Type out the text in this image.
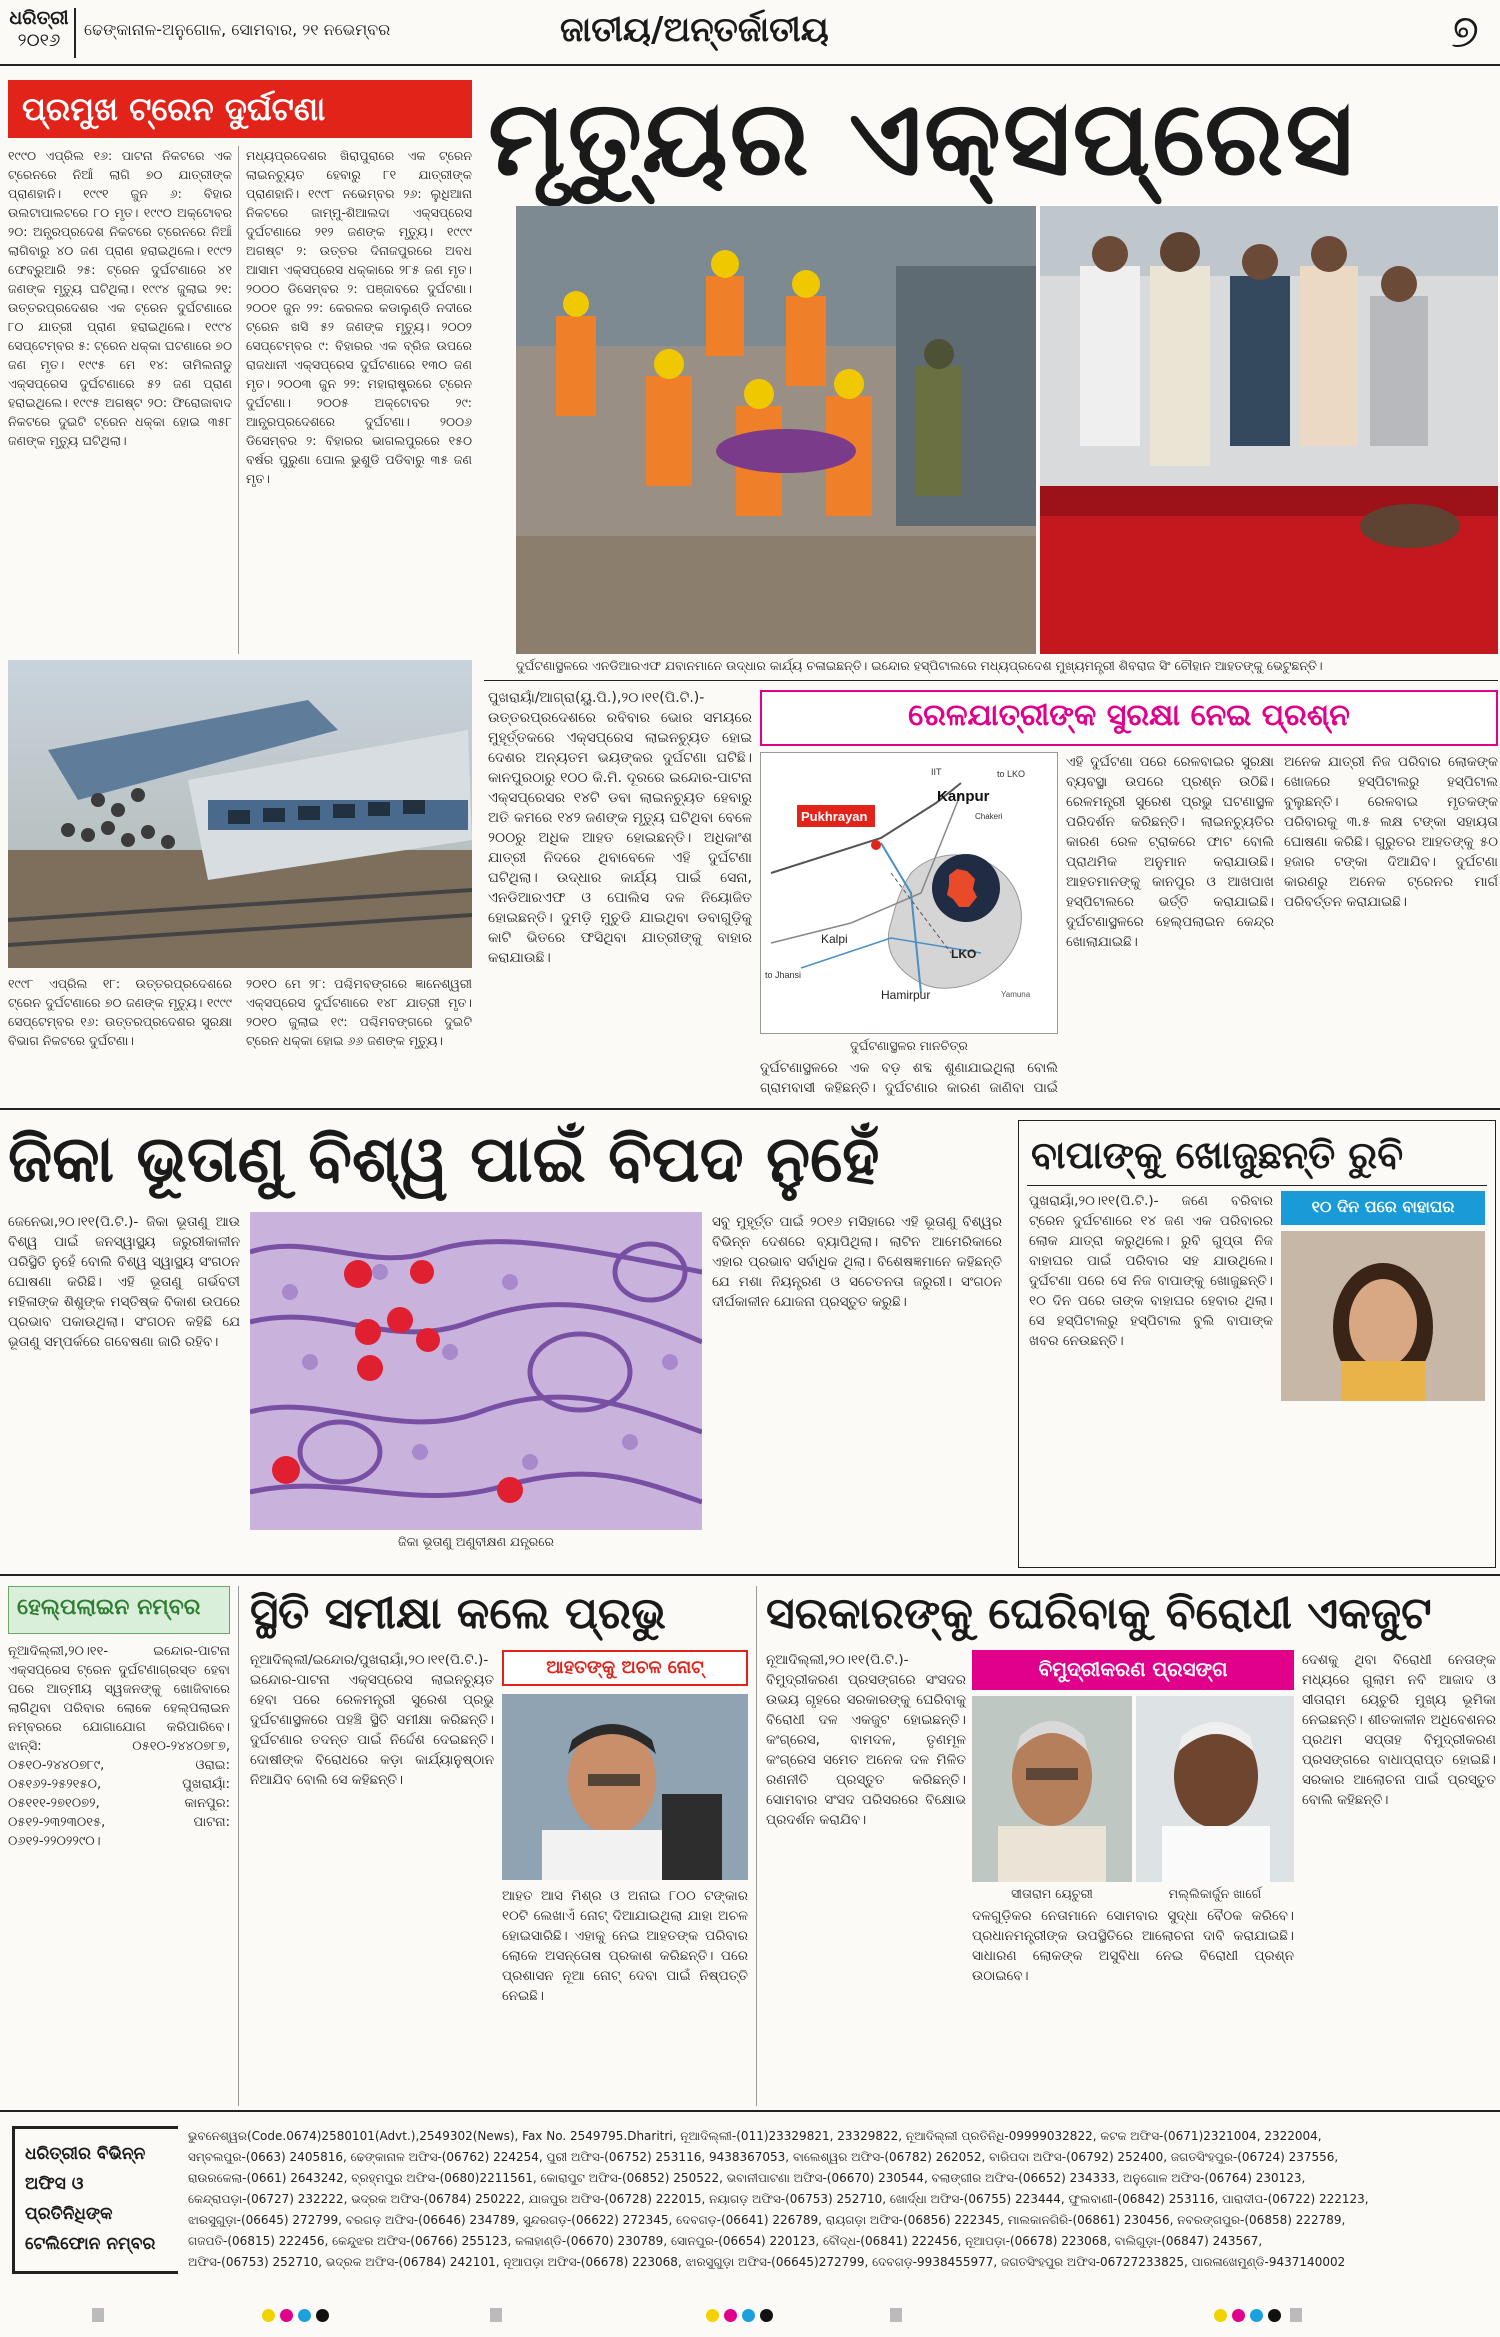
ଧରିତ୍ରୀ
୨୦୧୬
ଢେଙ୍କାନାଳ-ଅନୁଗୋଳ, ସୋମବାର, ୨୧ ନଭେମ୍ବର	ଜାତୀୟ/ଅନ୍ତର୍ଜାତୀୟ	୭
ପ୍ରମୁଖ ଟ୍ରେନ ଦୁର୍ଘଟଣା

୧୯୯୦ ଏପ୍ରିଲ ୧୬: ପାଟନା ନିକଟରେ ଏକ ଟ୍ରେନରେ ନିଆଁ ଲାଗି ୭୦ ଯାତ୍ରୀଙ୍କ ପ୍ରାଣହାନି। ୧୯୯୧ ଜୁନ ୬: ବିହାର ଉଲଟାପାଲଟରେ ୮୦ ମୃତ। ୧୯୯୦ ଅକ୍ଟୋବର ୨୦: ଅନ୍ଧ୍ରପ୍ରଦେଶ ନିକଟରେ ଟ୍ରେନରେ ନିଆଁ ଲାଗିବାରୁ ୪୦ ଜଣ ପ୍ରାଣ ହରାଇଥିଲେ। ୧୯୯୨ ଫେବ୍ରୁଆରି ୨୫: ଟ୍ରେନ ଦୁର୍ଘଟଣାରେ ୪୧ ଜଣଙ୍କ ମୃତ୍ୟୁ ଘଟିଥିଲା। ୧୯୯୪ ଜୁଲାଇ ୨୧: ଉତ୍ତରପ୍ରଦେଶର ଏକ ଟ୍ରେନ ଦୁର୍ଘଟଣାରେ ୮୦ ଯାତ୍ରୀ ପ୍ରାଣ ହରାଇଥିଲେ। ୧୯୯୪ ସେପ୍ଟେମ୍ବର ୫: ଟ୍ରେନ ଧକ୍କା ଘଟଣାରେ ୭୦ ଜଣ ମୃତ। ୧୯୯୫ ମେ ୧୪: ତାମିଲନାଡୁ ଏକ୍ସପ୍ରେସ ଦୁର୍ଘଟଣାରେ ୫୨ ଜଣ ପ୍ରାଣ ହରାଇଥିଲେ। ୧୯୯୫ ଅଗଷ୍ଟ ୨୦: ଫିରୋଜାବାଦ ନିକଟରେ ଦୁଇଟି ଟ୍ରେନ ଧକ୍କା ହୋଇ ୩୫୮ ଜଣଙ୍କ ମୃତ୍ୟୁ ଘଟିଥିଲା।

ମଧ୍ୟପ୍ରଦେଶର ଖିରାପୁରାରେ ଏକ ଟ୍ରେନ ଲାଇନଚ୍ୟୁତ ହେବାରୁ ୮୧ ଯାତ୍ରୀଙ୍କ ପ୍ରାଣହାନି। ୧୯୯୮ ନଭେମ୍ବର ୨୬: ଲୁଧିଆନା ନିକଟରେ ଜାମ୍ମୁ-ଶିଆଲଦା ଏକ୍ସପ୍ରେସ ଦୁର୍ଘଟଣାରେ ୨୧୨ ଜଣଙ୍କ ମୃତ୍ୟୁ। ୧୯୯୯ ଅଗଷ୍ଟ ୨: ଉତ୍ତର ଦିନାଜପୁରରେ ଅବଧ ଆସାମ ଏକ୍ସପ୍ରେସ ଧକ୍କାରେ ୨୮୫ ଜଣ ମୃତ। ୨୦୦୦ ଡିସେମ୍ବର ୨: ପଞ୍ଜାବରେ ଦୁର୍ଘଟଣା। ୨୦୦୧ ଜୁନ ୨୨: କେରଳର କଡାଲୁଣ୍ଡି ନଦୀରେ ଟ୍ରେନ ଖସି ୫୨ ଜଣଙ୍କ ମୃତ୍ୟୁ। ୨୦୦୨ ସେପ୍ଟେମ୍ବର ୯: ବିହାରର ଏକ ବ୍ରିଜ ଉପରେ ରାଜଧାନୀ ଏକ୍ସପ୍ରେସ ଦୁର୍ଘଟଣାରେ ୧୩୦ ଜଣ ମୃତ। ୨୦୦୩ ଜୁନ ୨୨: ମହାରାଷ୍ଟ୍ରରେ ଟ୍ରେନ ଦୁର୍ଘଟଣା। ୨୦୦୫ ଅକ୍ଟୋବର ୨୯: ଆନ୍ଧ୍ରପ୍ରଦେଶରେ ଦୁର୍ଘଟଣା। ୨୦୦୬ ଡିସେମ୍ବର ୨: ବିହାରର ଭାଗଲପୁରରେ ୧୫୦ ବର୍ଷର ପୁରୁଣା ପୋଲ ଭୁଶୁଡି ପଡିବାରୁ ୩୫ ଜଣ ମୃତ।

୧୯୯୮ ଏପ୍ରିଲ ୧୮: ଉତ୍ତରପ୍ରଦେଶରେ ଟ୍ରେନ ଦୁର୍ଘଟଣାରେ ୭୦ ଜଣଙ୍କ ମୃତ୍ୟୁ। ୧୯୯୯ ସେପ୍ଟେମ୍ବର ୧୬: ଉତ୍ତରପ୍ରଦେଶର ସୁରକ୍ଷା ବିଭାଗ ନିକଟରେ ଦୁର୍ଘଟଣା।

୨୦୧୦ ମେ ୨୮: ପଶ୍ଚିମବଙ୍ଗରେ ଜ୍ଞାନେଶ୍ୱରୀ ଏକ୍ସପ୍ରେସ ଦୁର୍ଘଟଣାରେ ୧୪୮ ଯାତ୍ରୀ ମୃତ। ୨୦୧୦ ଜୁଲାଇ ୧୯: ପଶ୍ଚିମବଙ୍ଗରେ ଦୁଇଟି ଟ୍ରେନ ଧକ୍କା ହୋଇ ୬୬ ଜଣଙ୍କ ମୃତ୍ୟୁ।

ମୃତ୍ୟୁର ଏକ୍ସପ୍ରେସ
ଦୁର୍ଘଟଣାସ୍ଥଳରେ ଏନଡିଆରଏଫ ଯବାନମାନେ ଉଦ୍ଧାର କାର୍ଯ୍ୟ ଚଳାଇଛନ୍ତି। ଇନ୍ଦୋର ହସ୍ପିଟାଲରେ ମଧ୍ୟପ୍ରଦେଶ ମୁଖ୍ୟମନ୍ତ୍ରୀ ଶିବରାଜ ସିଂ ଚୌହାନ ଆହତଙ୍କୁ ଭେଟୁଛନ୍ତି।

ପୁଖରାୟାଁ/ଆଗ୍ରା(ୟୁ.ପି.),୨୦।୧୧(ପି.ଟି.)- ଉତ୍ତରପ୍ରଦେଶରେ ରବିବାର ଭୋର ସମୟରେ ମୁହୂର୍ତ୍ତକରେ ଏକ୍ସପ୍ରେସ ଲାଇନଚ୍ୟୁତ ହୋଇ ଦେଶର ଅନ୍ୟତମ ଭୟଙ୍କର ଦୁର୍ଘଟଣା ଘଟିଛି। କାନପୁରଠାରୁ ୧୦୦ କି.ମି. ଦୂରରେ ଇନ୍ଦୋର-ପାଟନା ଏକ୍ସପ୍ରେସର ୧୪ଟି ଡବା ଲାଇନଚ୍ୟୁତ ହେବାରୁ ଅତି କମରେ ୧୪୨ ଜଣଙ୍କ ମୃତ୍ୟୁ ଘଟିଥିବା ବେଳେ ୨୦୦ରୁ ଅଧିକ ଆହତ ହୋଇଛନ୍ତି। ଅଧିକାଂଶ ଯାତ୍ରୀ ନିଦରେ ଥିବାବେଳେ ଏହି ଦୁର୍ଘଟଣା ଘଟିଥିଲା। ଉଦ୍ଧାର କାର୍ଯ୍ୟ ପାଇଁ ସେନା, ଏନଡିଆରଏଫ ଓ ପୋଲିସ ଦଳ ନିୟୋଜିତ ହୋଇଛନ୍ତି। ଦୁମଡ଼ି ମୁଚୁଡି ଯାଇଥିବା ଡବାଗୁଡ଼ିକୁ କାଟି ଭିତରେ ଫସିଥିବା ଯାତ୍ରୀଙ୍କୁ ବାହାର କରାଯାଉଛି।

ରେଳଯାତ୍ରୀଙ୍କ ସୁରକ୍ଷା ନେଇ ପ୍ରଶ୍ନ
Pukhrayan
Kanpur
IIT	to LKO
Chakeri
Kalpi
LKO
to Jhansi
Hamirpur	Yamuna
ଦୁର୍ଘଟଣାସ୍ଥଳର ମାନଚିତ୍ର

ଏହି ଦୁର୍ଘଟଣା ପରେ ରେଳବାଇର ସୁରକ୍ଷା ବ୍ୟବସ୍ଥା ଉପରେ ପ୍ରଶ୍ନ ଉଠିଛି। ରେଳମନ୍ତ୍ରୀ ସୁରେଶ ପ୍ରଭୁ ଘଟଣାସ୍ଥଳ ପରିଦର୍ଶନ କରିଛନ୍ତି। ଲାଇନଚ୍ୟୁତିର କାରଣ ରେଳ ଟ୍ରାକରେ ଫାଟ ବୋଲି ପ୍ରାଥମିକ ଅନୁମାନ କରାଯାଉଛି। ଆହତମାନଙ୍କୁ କାନପୁର ଓ ଆଖପାଖ ହସ୍ପିଟାଲରେ ଭର୍ତ୍ତି କରାଯାଇଛି। ଦୁର୍ଘଟଣାସ୍ଥଳରେ ହେଲ୍ପଲାଇନ କେନ୍ଦ୍ର ଖୋଲାଯାଇଛି।

ଅନେକ ଯାତ୍ରୀ ନିଜ ପରିବାର ଲୋକଙ୍କ ଖୋଜରେ ହସ୍ପିଟାଲରୁ ହସ୍ପିଟାଲ ବୁଲୁଛନ୍ତି। ରେଳବାଇ ମୃତକଙ୍କ ପରିବାରକୁ ୩.୫ ଲକ୍ଷ ଟଙ୍କା ସହାୟତା ଘୋଷଣା କରିଛି। ଗୁରୁତର ଆହତଙ୍କୁ ୫୦ ହଜାର ଟଙ୍କା ଦିଆଯିବ। ଦୁର୍ଘଟଣା କାରଣରୁ ଅନେକ ଟ୍ରେନର ମାର୍ଗ ପରିବର୍ତ୍ତନ କରାଯାଇଛି।

ଦୁର୍ଘଟଣାସ୍ଥଳରେ ଏକ ବଡ଼ ଶବ୍ଦ ଶୁଣାଯାଇଥିଲା ବୋଲି ଗ୍ରାମବାସୀ କହିଛନ୍ତି। ଦୁର୍ଘଟଣାର କାରଣ ଜାଣିବା ପାଇଁ

ଜିକା ଭୂତାଣୁ ବିଶ୍ୱ ପାଇଁ ବିପଦ ନୁହେଁ

ଜେନେଭା,୨୦।୧୧(ପି.ଟି.)- ଜିକା ଭୂତାଣୁ ଆଉ ବିଶ୍ୱ ପାଇଁ ଜନସ୍ୱାସ୍ଥ୍ୟ ଜରୁରୀକାଳୀନ ପରିସ୍ଥିତି ନୁହେଁ ବୋଲି ବିଶ୍ୱ ସ୍ୱାସ୍ଥ୍ୟ ସଂଗଠନ ଘୋଷଣା କରିଛି। ଏହି ଭୂତାଣୁ ଗର୍ଭବତୀ ମହିଳାଙ୍କ ଶିଶୁଙ୍କ ମସ୍ତିଷ୍କ ବିକାଶ ଉପରେ ପ୍ରଭାବ ପକାଉଥିଲା। ସଂଗଠନ କହିଛି ଯେ ଭୂତାଣୁ ସମ୍ପର୍କରେ ଗବେଷଣା ଜାରି ରହିବ।

ଜିକା ଭୂତାଣୁ ଅଣୁବୀକ୍ଷଣ ଯନ୍ତ୍ରରେ

ସବୁ ମୁହୂର୍ତ୍ତ ପାଇଁ ୨୦୧୬ ମସିହାରେ ଏହି ଭୂତାଣୁ ବିଶ୍ୱର ବିଭିନ୍ନ ଦେଶରେ ବ୍ୟାପିଥିଲା। ଲାଟିନ ଆମେରିକାରେ ଏହାର ପ୍ରଭାବ ସର୍ବାଧିକ ଥିଲା। ବିଶେଷଜ୍ଞମାନେ କହିଛନ୍ତି ଯେ ମଶା ନିୟନ୍ତ୍ରଣ ଓ ସଚେତନତା ଜରୁରୀ। ସଂଗଠନ ଦୀର୍ଘକାଳୀନ ଯୋଜନା ପ୍ରସ୍ତୁତ କରୁଛି।

ବାପାଙ୍କୁ ଖୋଜୁଛନ୍ତି ରୁବି
୧୦ ଦିନ ପରେ ବାହାଘର

ପୁଖରାୟାଁ,୨୦।୧୧(ପି.ଟି.)- ଜଣେ ବରିବାର ଟ୍ରେନ ଦୁର୍ଘଟଣାରେ ୧୪ ଜଣ ଏକ ପରିବାରର ଲୋକ ଯାତ୍ରା କରୁଥିଲେ। ରୁବି ଗୁପ୍ତା ନିଜ ବାହାଘର ପାଇଁ ପରିବାର ସହ ଯାଉଥିଲେ। ଦୁର୍ଘଟଣା ପରେ ସେ ନିଜ ବାପାଙ୍କୁ ଖୋଜୁଛନ୍ତି। ୧୦ ଦିନ ପରେ ତାଙ୍କ ବାହାଘର ହେବାର ଥିଲା। ସେ ହସ୍ପିଟାଲରୁ ହସ୍ପିଟାଲ ବୁଲି ବାପାଙ୍କ ଖବର ନେଉଛନ୍ତି।

ହେଲ୍ପଲାଇନ ନମ୍ବର

ନୂଆଦିଲ୍ଲୀ,୨୦।୧୧- ଇନ୍ଦୋର-ପାଟନା ଏକ୍ସପ୍ରେସ ଟ୍ରେନ ଦୁର୍ଘଟଣାଗ୍ରସ୍ତ ହେବା ପରେ ଆତ୍ମୀୟ ସ୍ୱଜନଙ୍କୁ ଖୋଜିବାରେ ଲାଗିଥିବା ପରିବାର ଲୋକେ ହେଲ୍ପଲାଇନ ନମ୍ବରରେ ଯୋଗାଯୋଗ କରିପାରିବେ। ଝାନ୍ସି: ୦୫୧୦-୨୪୪୦୭୮୭, ୦୫୧୦-୨୪୪୦୭୮୯, ଓରାଇ: ୦୫୧୬୨-୨୫୨୧୫୦, ପୁଖରାୟାଁ: ୦୫୧୧୧-୨୭୧୦୭୨, କାନପୁର: ୦୫୧୨-୨୩୨୩୦୧୫, ପାଟନା: ୦୬୧୨-୨୨୦୨୨୯୦।

ସ୍ଥିତି ସମୀକ୍ଷା କଲେ ପ୍ରଭୁ

ନୂଆଦିଲ୍ଲୀ/ଇନ୍ଦୋର/ପୁଖରାୟାଁ,୨୦।୧୧(ପି.ଟି.)- ଇନ୍ଦୋର-ପାଟନା ଏକ୍ସପ୍ରେସ ଲାଇନଚ୍ୟୁତ ହେବା ପରେ ରେଳମନ୍ତ୍ରୀ ସୁରେଶ ପ୍ରଭୁ ଦୁର୍ଘଟଣାସ୍ଥଳରେ ପହଞ୍ଚି ସ୍ଥିତି ସମୀକ୍ଷା କରିଛନ୍ତି। ଦୁର୍ଘଟଣାର ତଦନ୍ତ ପାଇଁ ନିର୍ଦ୍ଦେଶ ଦେଇଛନ୍ତି। ଦୋଷୀଙ୍କ ବିରୋଧରେ କଡ଼ା କାର୍ଯ୍ୟାନୁଷ୍ଠାନ ନିଆଯିବ ବୋଲି ସେ କହିଛନ୍ତି।

ଆହତଙ୍କୁ ଅଚଳ ନୋଟ୍

ଆହତ ଆସ ମିଶ୍ର ଓ ଅନାଇ ୮୦୦ ଟଙ୍କାର ୧୦ଟି ଲେଖାଏଁ ନୋଟ୍ ଦିଆଯାଇଥିଲା ଯାହା ଅଚଳ ହୋଇସାରିଛି। ଏହାକୁ ନେଇ ଆହତଙ୍କ ପରିବାର ଲୋକେ ଅସନ୍ତୋଷ ପ୍ରକାଶ କରିଛନ୍ତି। ପରେ ପ୍ରଶାସନ ନୂଆ ନୋଟ୍ ଦେବା ପାଇଁ ନିଷ୍ପତ୍ତି ନେଇଛି।

ସରକାରଙ୍କୁ ଘେରିବାକୁ ବିରୋଧୀ ଏକଜୁଟ

ନୂଆଦିଲ୍ଲୀ,୨୦।୧୧(ପି.ଟି.)- ବିମୁଦ୍ରୀକରଣ ପ୍ରସଙ୍ଗରେ ସଂସଦର ଉଭୟ ଗୃହରେ ସରକାରଙ୍କୁ ଘେରିବାକୁ ବିରୋଧୀ ଦଳ ଏକଜୁଟ ହୋଇଛନ୍ତି। କଂଗ୍ରେସ, ବାମଦଳ, ତୃଣମୂଳ କଂଗ୍ରେସ ସମେତ ଅନେକ ଦଳ ମିଳିତ ରଣନୀତି ପ୍ରସ୍ତୁତ କରିଛନ୍ତି। ସୋମବାର ସଂସଦ ପରିସରରେ ବିକ୍ଷୋଭ ପ୍ରଦର୍ଶନ କରାଯିବ।

ବିମୁଦ୍ରୀକରଣ ପ୍ରସଙ୍ଗ
ସୀତାରାମ ୟେଚୁରୀ	ମଲ୍ଲିକାର୍ଜୁନ ଖାର୍ଗେ

ଦଳଗୁଡ଼ିକର ନେତାମାନେ ସୋମବାର ସୁଦ୍ଧା ବୈଠକ କରିବେ। ପ୍ରଧାନମନ୍ତ୍ରୀଙ୍କ ଉପସ୍ଥିତିରେ ଆଲୋଚନା ଦାବି କରାଯାଇଛି। ସାଧାରଣ ଲୋକଙ୍କ ଅସୁବିଧା ନେଇ ବିରୋଧୀ ପ୍ରଶ୍ନ ଉଠାଇବେ।

ଦେଶକୁ ଥିବା ବିରୋଧୀ ନେତାଙ୍କ ମଧ୍ୟରେ ଗୁଲାମ ନବି ଆଜାଦ ଓ ସୀତାରାମ ୟେଚୁରି ମୁଖ୍ୟ ଭୂମିକା ନେଇଛନ୍ତି। ଶୀତକାଳୀନ ଅଧିବେଶନର ପ୍ରଥମ ସପ୍ତାହ ବିମୁଦ୍ରୀକରଣ ପ୍ରସଙ୍ଗରେ ବାଧାପ୍ରାପ୍ତ ହୋଇଛି। ସରକାର ଆଲୋଚନା ପାଇଁ ପ୍ରସ୍ତୁତ ବୋଲି କହିଛନ୍ତି।

ଧରିତ୍ରୀର ବିଭିନ୍ନ ଅଫିସ ଓ ପ୍ରତିନିଧିଙ୍କ ଟେଲିଫୋନ ନମ୍ବର
ଭୁବନେଶ୍ୱର(Code.0674)2580101(Advt.),2549302(News), Fax No. 2549795.Dharitri, ନୂଆଦିଲ୍ଲୀ-(011)23329821, 23329822, ନୂଆଦିଲ୍ଲୀ ପ୍ରତିନିଧି-09999032822, କଟକ ଅଫିସ-(0671)2321004, 2322004,
ସମ୍ବଲପୁର-(0663) 2405816, ଢେଙ୍କାନାଳ ଅଫିସ-(06762) 224254, ପୁରୀ ଅଫିସ-(06752) 253116, 9438367053, ବାଲେଶ୍ୱର ଅଫିସ-(06782) 262052, ବାରିପଦା ଅଫିସ-(06792) 252400, ଜଗତସିଂହପୁର-(06724) 237556,
ରାଉରକେଲା-(0661) 2643242, ବ୍ରହ୍ମପୁର ଅଫିସ-(0680)2211561, କୋରାପୁଟ ଅଫିସ-(06852) 250522, ଭବାନୀପାଟଣା ଅଫିସ-(06670) 230544, ବଲାଙ୍ଗୀର ଅଫିସ-(06652) 234333, ଅନୁଗୋଳ ଅଫିସ-(06764) 230123,
କେନ୍ଦ୍ରାପଡ଼ା-(06727) 232222, ଭଦ୍ରକ ଅଫିସ-(06784) 250222, ଯାଜପୁର ଅଫିସ-(06728) 222015, ନୟାଗଡ଼ ଅଫିସ-(06753) 252710, ଖୋର୍ଦ୍ଧା ଅଫିସ-(06755) 223444, ଫୁଲବାଣୀ-(06842) 253116, ପାରାଦୀପ-(06722) 222123,
ଝାରସୁଗୁଡ଼ା-(06645) 272799, ବରଗଡ଼ ଅଫିସ-(06646) 234789, ସୁନ୍ଦରଗଡ଼-(06622) 272345, ଦେବଗଡ଼-(06641) 226789, ରାୟଗଡ଼ା ଅଫିସ-(06856) 222345, ମାଲକାନଗିରି-(06861) 230456, ନବରଙ୍ଗପୁର-(06858) 222789,
ଗଜପତି-(06815) 222456, କେନ୍ଦୁଝର ଅଫିସ-(06766) 255123, କଳାହାଣ୍ଡି-(06670) 230789, ସୋନପୁର-(06654) 220123, ବୌଦ୍ଧ-(06841) 222456, ନୂଆପଡ଼ା-(06678) 223068, ବାଲିଗୁଡ଼ା-(06847) 243567,
ଅଫିସ-(06753) 252710, ଭଦ୍ରକ ଅଫିସ-(06784) 242101, ନୂଆପଡ଼ା ଅଫିସ-(06678) 223068, ଝାରସୁଗୁଡ଼ା ଅଫିସ-(06645)272799, ଦେବଗଡ଼-9938455977, ଜଗତସିଂହପୁର ଅଫିସ-06727233825, ପାରଳାଖେମୁଣ୍ଡି-9437140002
